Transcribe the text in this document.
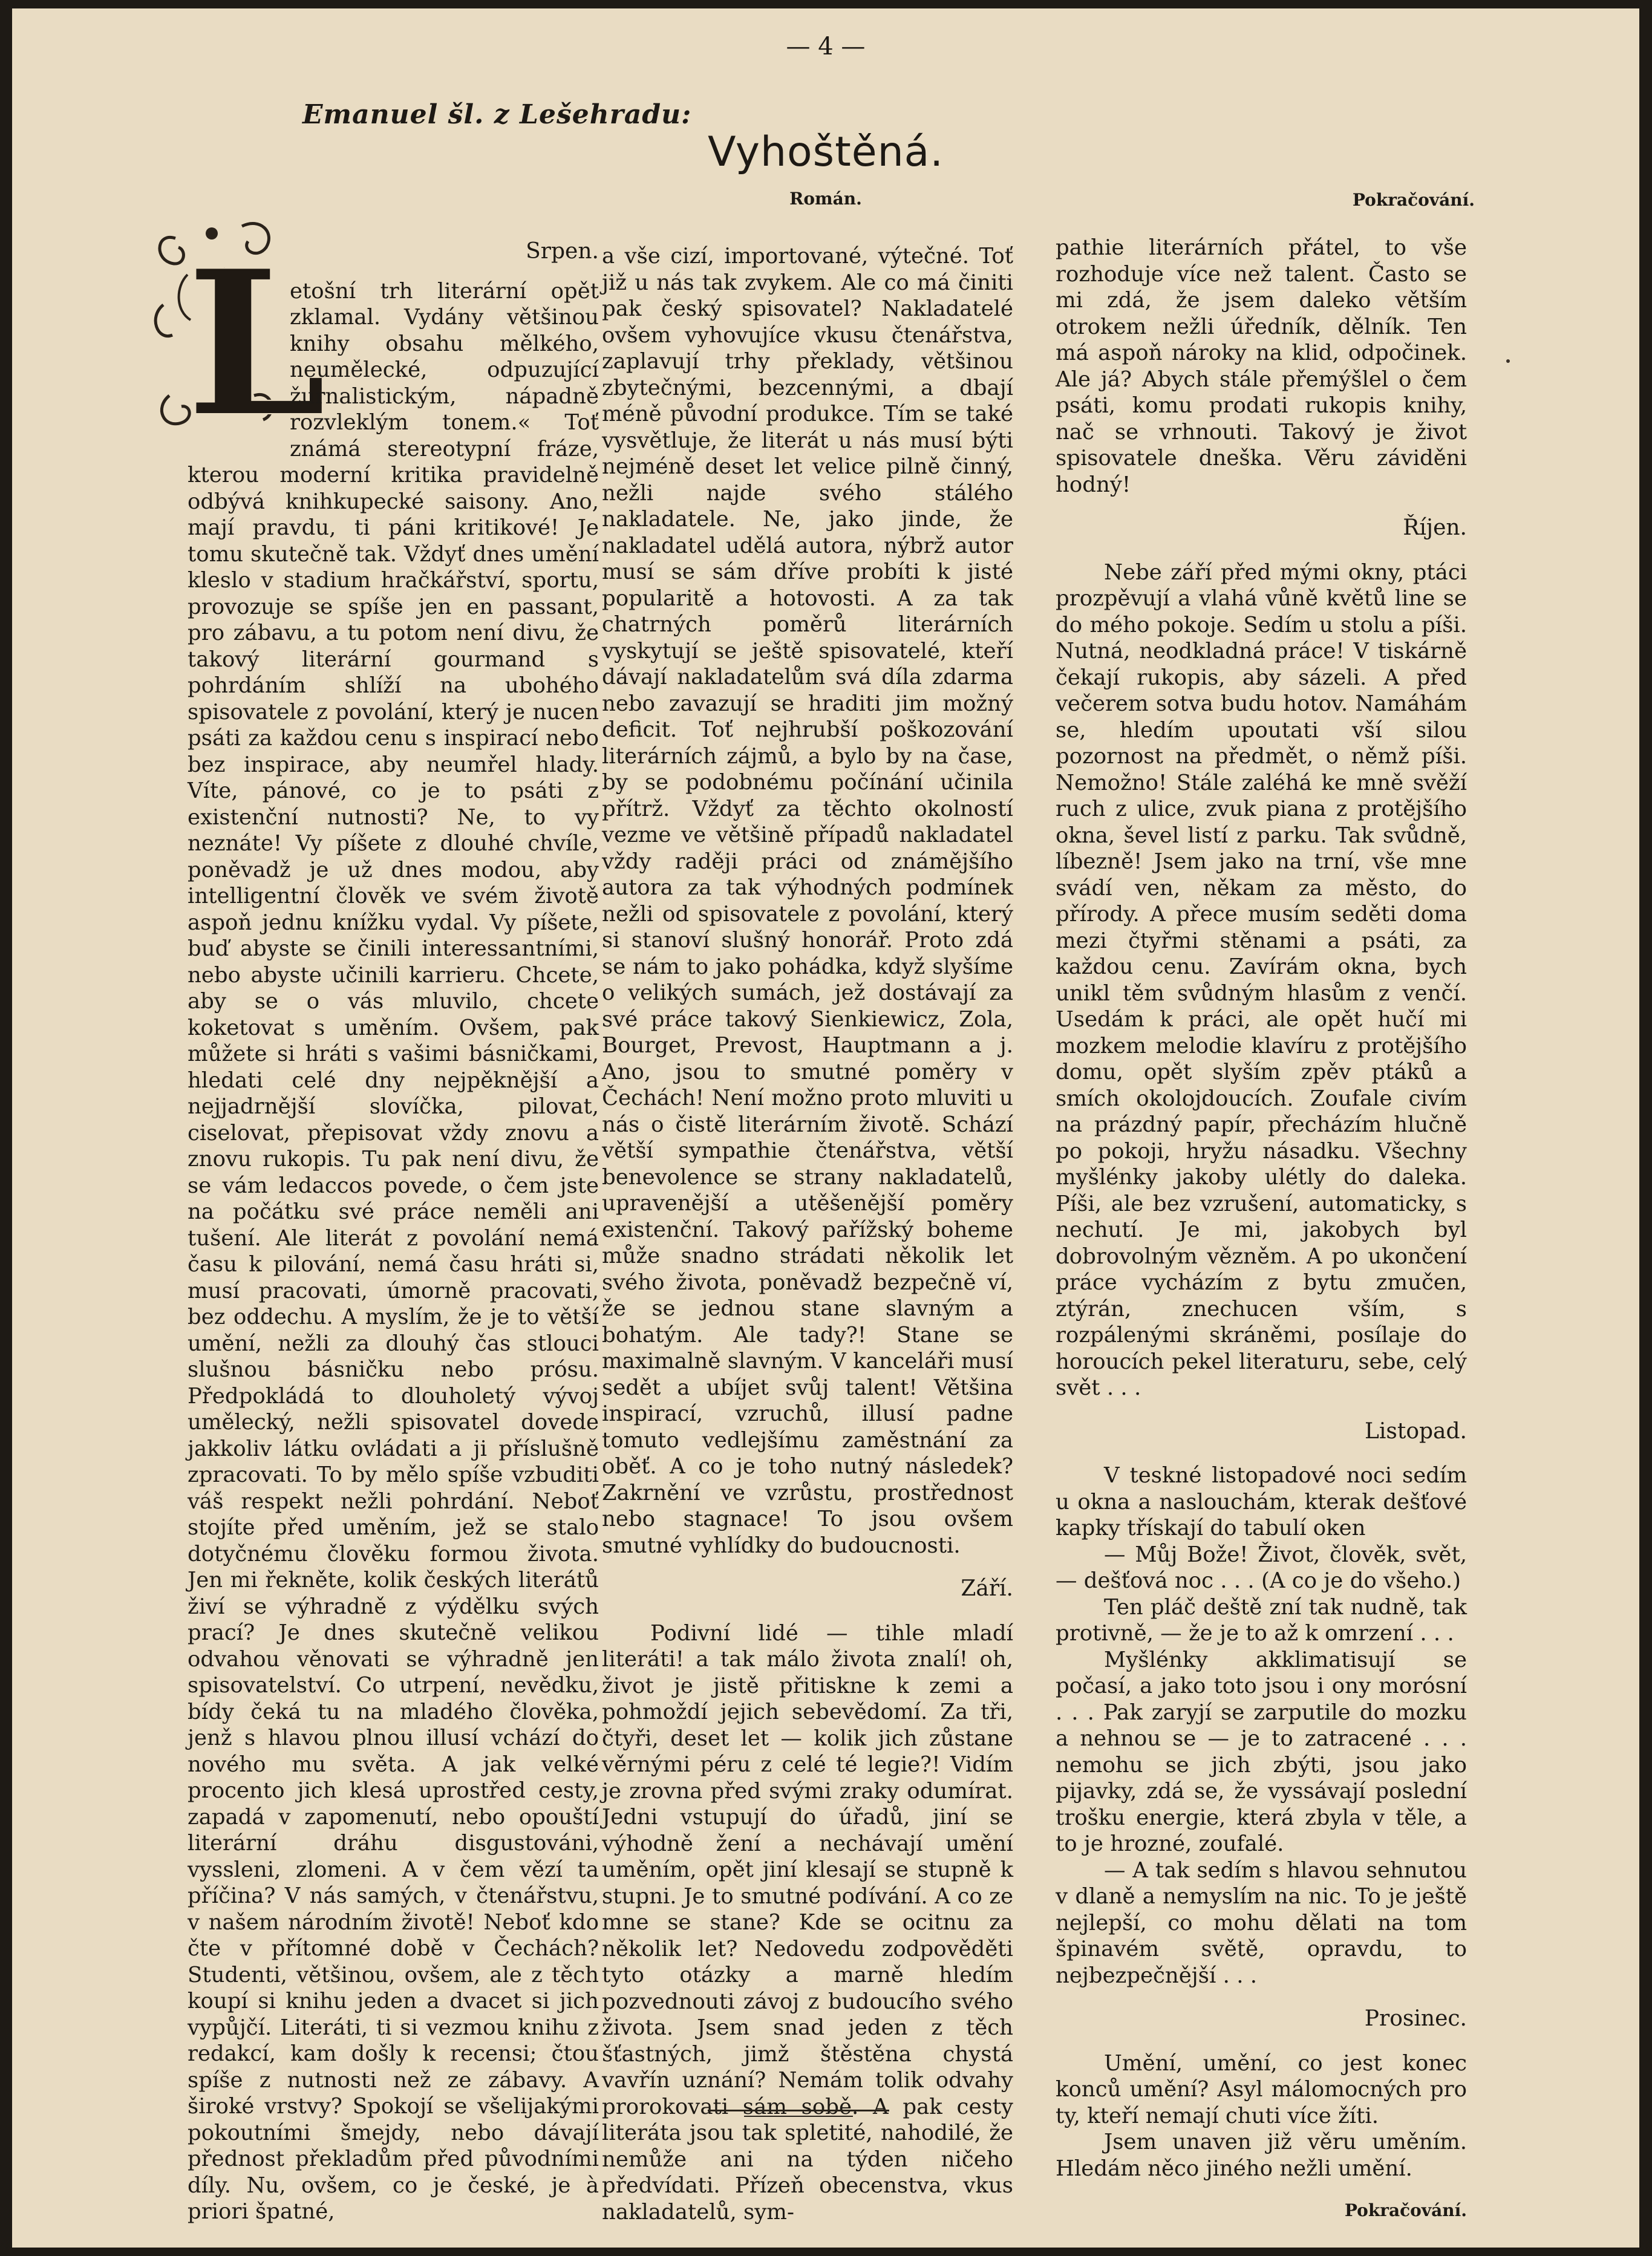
— 4 —
Emanuel šl. z Lešehradu:
Vyhoštěná.
Román.	Pokračování.
L	Srpen.

etošní trh literární opět zklamal. Vydány většinou knihy obsahu mělkého, neumělecké, odpuzující žurnalistickým, nápadně rozvleklým tonem.« Toť známá stereotypní fráze, kterou moderní kritika pravidelně odbývá knihkupecké saisony. Ano, mají pravdu, ti páni kritikové! Je tomu skutečně tak. Vždyť dnes umění kleslo v stadium hračkářství, sportu, provozuje se spíše jen en passant, pro zábavu, a tu potom není divu, že takový literární gourmand s pohrdáním shlíží na ubohého spisovatele z povolání, který je nucen psáti za každou cenu s inspirací nebo bez inspirace, aby neumřel hlady. Víte, pánové, co je to psáti z existenční nutnosti? Ne, to vy neznáte! Vy píšete z dlouhé chvíle, poněvadž je už dnes modou, aby intelligentní člověk ve svém životě aspoň jednu knížku vydal. Vy píšete, buď abyste se činili interessantními, nebo abyste učinili karrieru. Chcete, aby se o vás mluvilo, chcete koketovat s uměním. Ovšem, pak můžete si hráti s vašimi básničkami, hledati celé dny nejpěknější a nejjadrnější slovíčka, pilovat, ciselovat, přepisovat vždy znovu a znovu rukopis. Tu pak není divu, že se vám ledaccos povede, o čem jste na počátku své práce neměli ani tušení. Ale literát z povolání nemá času k pilování, nemá času hráti si, musí pracovati, úmorně pracovati, bez oddechu. A myslím, že je to větší umění, nežli za dlouhý čas stlouci slušnou básničku nebo prósu. Předpokládá to dlouholetý vývoj umělecký, nežli spisovatel dovede jakkoliv látku ovládati a ji příslušně zpracovati. To by mělo spíše vzbuditi váš respekt nežli pohrdání. Neboť stojíte před uměním, jež se stalo dotyčnému člověku formou života. Jen mi řekněte, kolik českých literátů živí se výhradně z výdělku svých prací? Je dnes skutečně velikou odvahou věnovati se výhradně jen spisovatelství. Co utrpení, nevědku, bídy čeká tu na mladého člověka, jenž s hlavou plnou illusí vchází do nového mu světa. A jak velké procento jich klesá uprostřed cesty, zapadá v zapomenutí, nebo opouští literární dráhu disgustováni, vyssleni, zlomeni. A v čem vězí ta příčina? V nás samých, v čtenářstvu, v našem národním životě! Neboť kdo čte v přítomné době v Čechách? Studenti, většinou, ovšem, ale z těch koupí si knihu jeden a dvacet si jich vypůjčí. Literáti, ti si vezmou knihu z redakcí, kam došly k recensi; čtou spíše z nutnosti než ze zábavy. A široké vrstvy? Spokojí se všelijakými pokoutními šmejdy, nebo dávají přednost překladům před původními díly. Nu, ovšem, co je české, je à priori špatné,

a vše cizí, importované, výtečné. Toť již u nás tak zvykem. Ale co má činiti pak český spisovatel? Nakladatelé ovšem vyhovujíce vkusu čtenářstva, zaplavují trhy překlady, většinou zbytečnými, bezcennými, a dbají méně původní produkce. Tím se také vysvětluje, že literát u nás musí býti nejméně deset let velice pilně činný, nežli najde svého stálého nakladatele. Ne, jako jinde, že nakladatel udělá autora, nýbrž autor musí se sám dříve probíti k jisté popularitě a hotovosti. A za tak chatrných poměrů literárních vyskytují se ještě spisovatelé, kteří dávají nakladatelům svá díla zdarma nebo zavazují se hraditi jim možný deficit. Toť nejhrubší poškozování literárních zájmů, a bylo by na čase, by se podobnému počínání učinila přítrž. Vždyť za těchto okolností vezme ve většině případů nakladatel vždy raději práci od známějšího autora za tak výhodných podmínek nežli od spisovatele z povolání, který si stanoví slušný honorář. Proto zdá se nám to jako pohádka, když slyšíme o velikých sumách, jež dostávají za své práce takový Sienkiewicz, Zola, Bourget, Prevost, Hauptmann a j. Ano, jsou to smutné poměry v Čechách! Není možno proto mluviti u nás o čistě literárním životě. Schází větší sympathie čtenářstva, větší benevolence se strany nakladatelů, upravenější a utěšenější poměry existenční. Takový pařížský boheme může snadno strádati několik let svého života, poněvadž bezpečně ví, že se jednou stane slavným a bohatým. Ale tady?! Stane se maximalně slavným. V kanceláři musí sedět a ubíjet svůj talent! Většina inspirací, vzruchů, illusí padne tomuto vedlejšímu zaměstnání za oběť. A co je toho nutný následek? Zakrnění ve vzrůstu, prostřednost nebo stagnace! To jsou ovšem smutné vyhlídky do budoucnosti.

Září.

Podivní lidé — tihle mladí literáti! a tak málo života znalí! oh, život je jistě přitiskne k zemi a pohmoždí jejich sebevědomí. Za tři, čtyři, deset let — kolik jich zůstane věrnými péru z celé té legie?! Vidím je zrovna před svými zraky odumírat. Jedni vstupují do úřadů, jiní se výhodně žení a nechávají umění uměním, opět jiní klesají se stupně k stupni. Je to smutné podívání. A co ze mne se stane? Kde se ocitnu za několik let? Nedovedu zodpověděti tyto otázky a marně hledím pozvednouti závoj z budoucího svého života. Jsem snad jeden z těch šťastných, jimž štěstěna chystá vavřín uznání? Nemám tolik odvahy prorokovati sám sobě. A pak cesty literáta jsou tak spletité, nahodilé, že nemůže ani na týden ničeho předvídati. Přízeň obecenstva, vkus nakladatelů, sym-

pathie literárních přátel, to vše rozhoduje více než talent. Často se mi zdá, že jsem daleko větším otrokem nežli úředník, dělník. Ten má aspoň nároky na klid, odpočinek. Ale já? Abych stále přemýšlel o čem psáti, komu prodati rukopis knihy, nač se vrhnouti. Takový je život spisovatele dneška. Věru záviděni hodný!

Říjen.

Nebe září před mými okny, ptáci prozpěvují a vlahá vůně květů line se do mého pokoje. Sedím u stolu a píši. Nutná, neodkladná práce! V tiskárně čekají rukopis, aby sázeli. A před večerem sotva budu hotov. Namáhám se, hledím upoutati vší silou pozornost na předmět, o němž píši. Nemožno! Stále zaléhá ke mně svěží ruch z ulice, zvuk piana z protějšího okna, ševel listí z parku. Tak svůdně, líbezně! Jsem jako na trní, vše mne svádí ven, někam za město, do přírody. A přece musím seděti doma mezi čtyřmi stěnami a psáti, za každou cenu. Zavírám okna, bych unikl těm svůdným hlasům z venčí. Usedám k práci, ale opět hučí mi mozkem melodie klavíru z protějšího domu, opět slyším zpěv ptáků a smích okolojdoucích. Zoufale civím na prázdný papír, přecházím hlučně po pokoji, hryžu násadku. Všechny myšlénky jakoby ulétly do daleka. Píši, ale bez vzrušení, automaticky, s nechutí. Je mi, jakobych byl dobrovolným vězněm. A po ukončení práce vycházím z bytu zmučen, ztýrán, znechucen vším, s rozpálenými skráněmi, posílaje do horoucích pekel literaturu, sebe, celý svět . . .

Listopad.

V teskné listopadové noci sedím u okna a naslouchám, kterak dešťové kapky třískají do tabulí oken

— Můj Bože! Život, člověk, svět, — dešťová noc . . . (A co je do všeho.)

Ten pláč deště zní tak nudně, tak protivně, — že je to až k omrzení . . .

Myšlénky akklimatisují se počasí, a jako toto jsou i ony morósní . . . Pak zaryjí se zarputile do mozku a nehnou se — je to zatracené . . . nemohu se jich zbýti, jsou jako pijavky, zdá se, že vyssávají poslední trošku energie, která zbyla v těle, a to je hrozné, zoufalé.

— A tak sedím s hlavou sehnutou v dlaně a nemyslím na nic. To je ještě nejlepší, co mohu dělati na tom špinavém světě, opravdu, to nejbezpečnější . . .

Prosinec.

Umění, umění, co jest konec konců umění? Asyl málomocných pro ty, kteří nemají chuti více žíti.

Jsem unaven již věru uměním. Hledám něco jiného nežli umění.

Pokračování.
